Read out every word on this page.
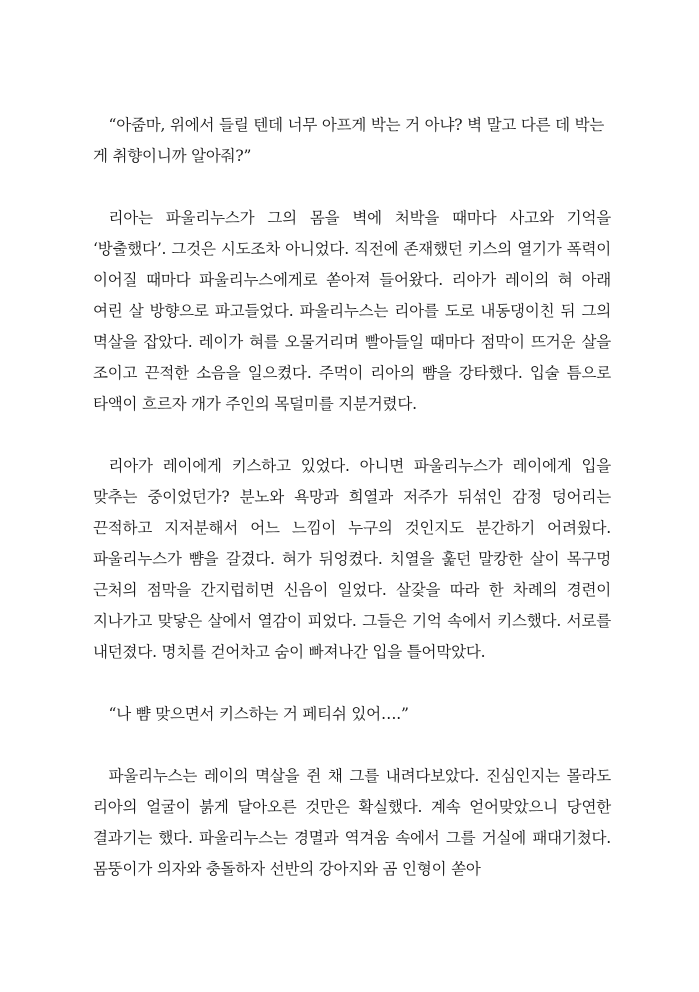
“아줌마, 위에서 들릴 텐데 너무 아프게 박는 거 아냐? 벽 말고 다른 데 박는 게 취향이니까 알아줘?”

리아는 파울리누스가 그의 몸을 벽에 처박을 때마다 사고와 기억을 ‘방출했다’. 그것은 시도조차 아니었다. 직전에 존재했던 키스의 열기가 폭력이 이어질 때마다 파울리누스에게로 쏟아져 들어왔다. 리아가 레이의 혀 아래 여린 살 방향으로 파고들었다. 파울리누스는 리아를 도로 내동댕이친 뒤 그의 멱살을 잡았다. 레이가 혀를 오물거리며 빨아들일 때마다 점막이 뜨거운 살을 조이고 끈적한 소음을 일으켰다. 주먹이 리아의 뺨을 강타했다. 입술 틈으로 타액이 흐르자 개가 주인의 목덜미를 지분거렸다.

리아가 레이에게 키스하고 있었다. 아니면 파울리누스가 레이에게 입을 맞추는 중이었던가? 분노와 욕망과 희열과 저주가 뒤섞인 감정 덩어리는 끈적하고 지저분해서 어느 느낌이 누구의 것인지도 분간하기 어려웠다. 파울리누스가 뺨을 갈겼다. 혀가 뒤엉켰다. 치열을 훑던 말캉한 살이 목구멍 근처의 점막을 간지럽히면 신음이 일었다. 살갗을 따라 한 차례의 경련이 지나가고 맞닿은 살에서 열감이 피었다. 그들은 기억 속에서 키스했다. 서로를 내던졌다. 명치를 걷어차고 숨이 빠져나간 입을 틀어막았다.

“나 뺨 맞으면서 키스하는 거 페티쉬 있어….”

파울리누스는 레이의 멱살을 쥔 채 그를 내려다보았다. 진심인지는 몰라도 리아의 얼굴이 붉게 달아오른 것만은 확실했다. 계속 얻어맞았으니 당연한 결과기는 했다. 파울리누스는 경멸과 역겨움 속에서 그를 거실에 패대기쳤다. 몸뚱이가 의자와 충돌하자 선반의 강아지와 곰 인형이 쏟아
